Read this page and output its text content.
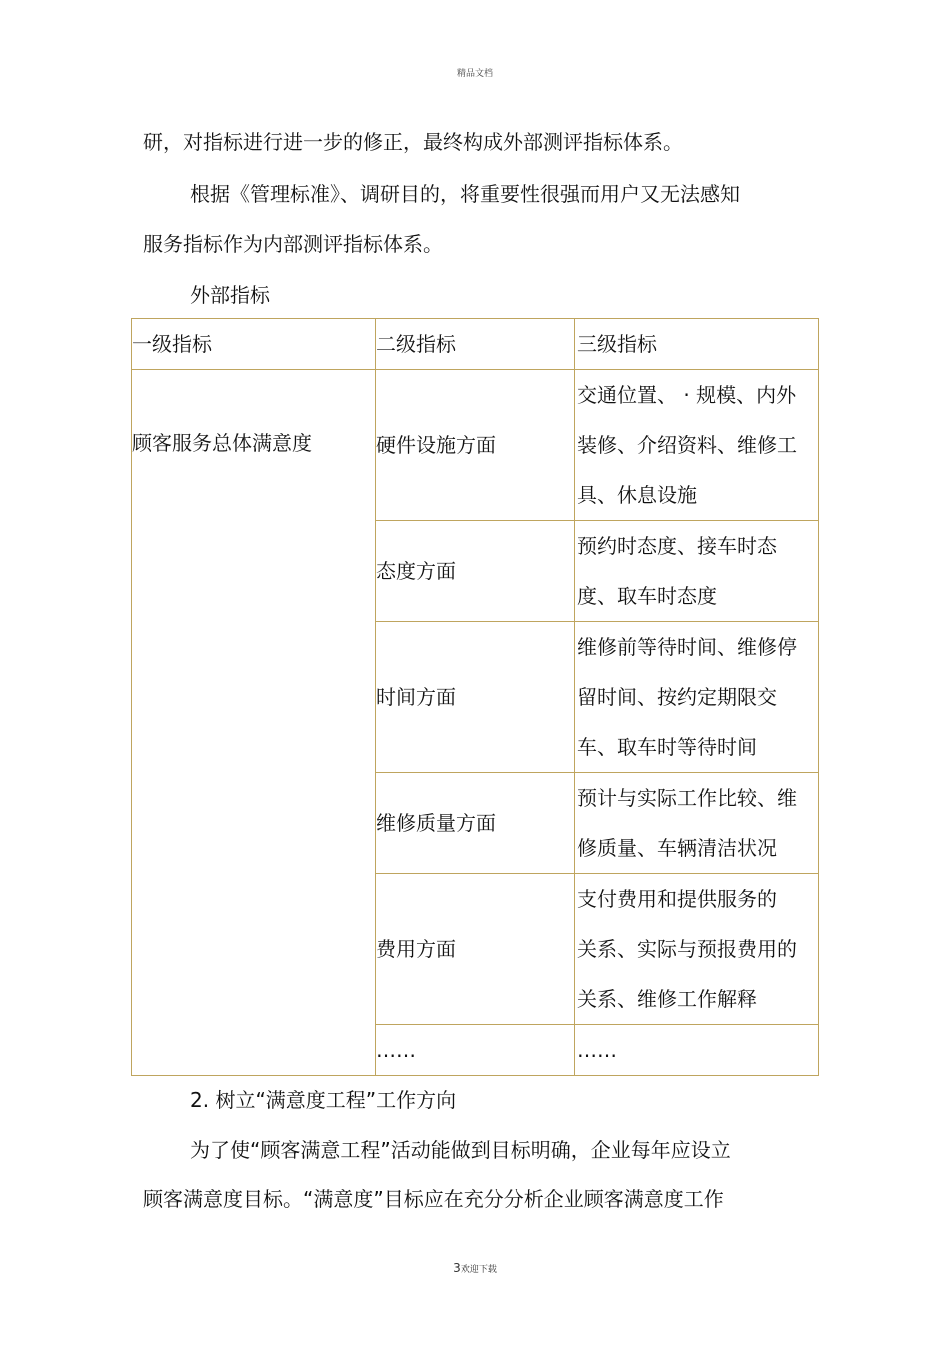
精品文档
研，对指标进行进一步的修正，最终构成外部测评指标体系。
根据《管理标准》、调研目的，将重要性很强而用户又无法感知
服务指标作为内部测评指标体系。
外部指标
一级指标	二级指标	三级指标
顾客服务总体满意度	硬件设施方面	交通位置、 · 规模、内外
装修、介绍资料、维修工
具、休息设施

	态度方面	预约时态度、接车时态
度、取车时态度

	时间方面	维修前等待时间、维修停
留时间、按约定期限交
车、取车时等待时间

	维修质量方面	预计与实际工作比较、维
修质量、车辆清洁状况

	费用方面	支付费用和提供服务的
关系、实际与预报费用的
关系、维修工作解释

	……	……
2. 树立“满意度工程”工作方向
为了使“顾客满意工程”活动能做到目标明确，企业每年应设立
顾客满意度目标。“满意度”目标应在充分分析企业顾客满意度工作
3欢迎下载
